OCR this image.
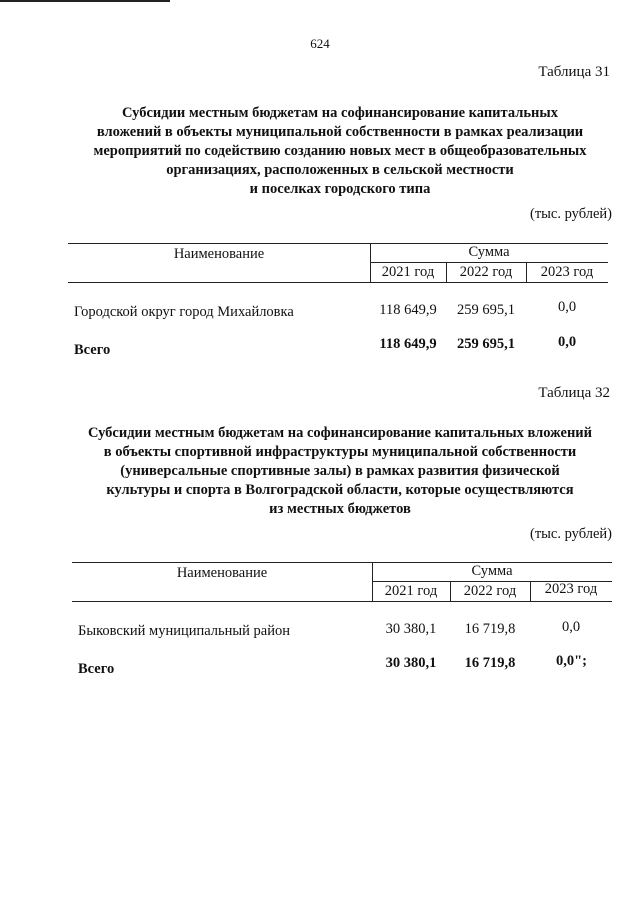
624
Таблица 31
Субсидии местным бюджетам на софинансирование капитальных
вложений в объекты муниципальной собственности в рамках реализации
мероприятий по содействию созданию новых мест в общеобразовательных
организациях, расположенных в сельской местности
и поселках городского типа
(тыс. рублей)
Наименование	Сумма
2021 год	2022 год	2023 год
Городской округ город Михайловка	118 649,9	259 695,1	0,0
Всего	118 649,9	259 695,1	0,0
Таблица 32
Субсидии местным бюджетам на софинансирование капитальных вложений
в объекты спортивной инфраструктуры муниципальной собственности
(универсальные спортивные залы) в рамках развития физической
культуры и спорта в Волгоградской области, которые осуществляются
из местных бюджетов
(тыс. рублей)
Наименование	Сумма
2021 год	2022 год	2023 год
Быковский муниципальный район	30 380,1	16 719,8	0,0
Всего	30 380,1	16 719,8	0,0";
